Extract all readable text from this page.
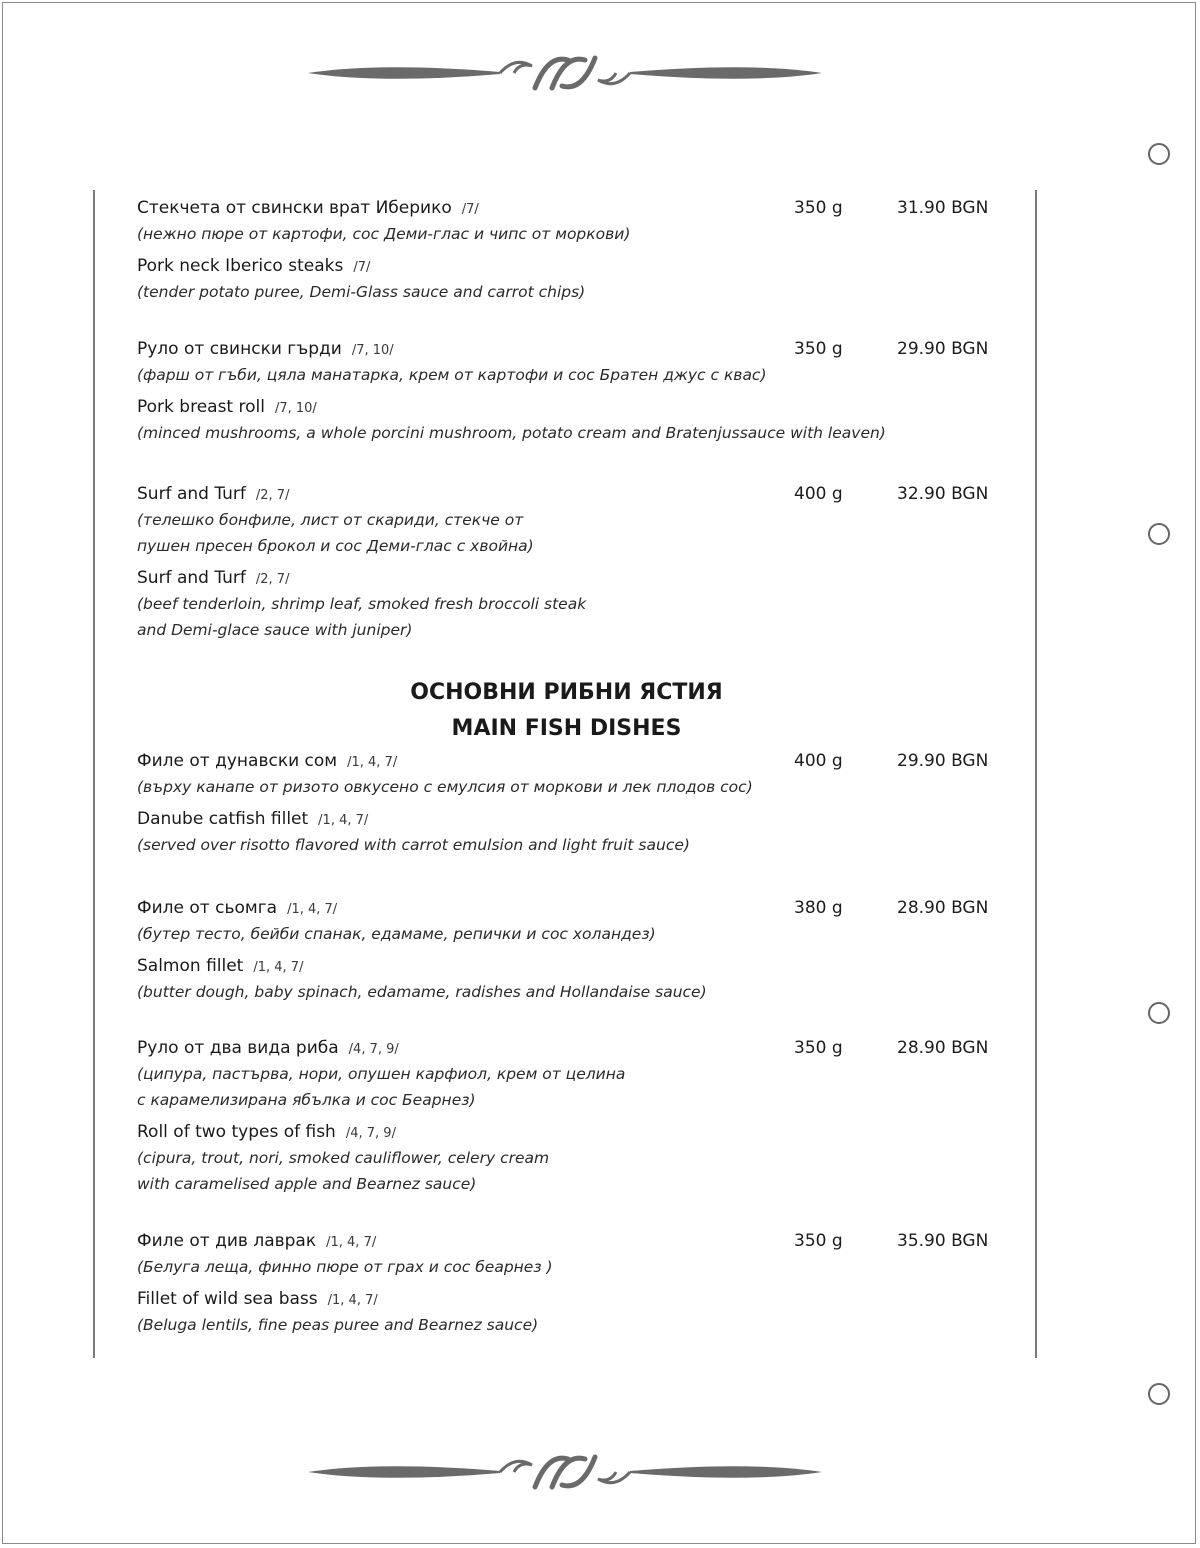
ОСНОВНИ РИБНИ ЯСТИЯ
MAIN FISH DISHES
Стекчета от свински врат Иберико /7/	350 g	31.90 BGN
(нежно пюре от картофи, сос Деми-глас и чипс от моркови)
Pork neck Iberico steaks /7/
(tender potato puree, Demi-Glass sauce and carrot chips)
Руло от свински гърди /7, 10/	350 g	29.90 BGN
(фарш от гъби, цяла манатарка, крем от картофи и сос Братен джус с квас)
Pork breast roll /7, 10/
(minced mushrooms, a whole porcini mushroom, potato cream and Bratenjussauce with leaven)
Surf and Turf /2, 7/	400 g	32.90 BGN
(телешко бонфиле, лист от скариди, стекче от
пушен пресен брокол и сос Деми-глас с хвойна)
Surf and Turf /2, 7/
(beef tenderloin, shrimp leaf, smoked fresh broccoli steak
and Demi-glace sauce with juniper)
Филе от дунавски сом /1, 4, 7/	400 g	29.90 BGN
(върху канапе от ризото овкусено с емулсия от моркови и лек плодов сос)
Danube catfish fillet /1, 4, 7/
(served over risotto flavored with carrot emulsion and light fruit sauce)
Филе от сьомга /1, 4, 7/	380 g	28.90 BGN
(бутер тесто, бейби спанак, едамаме, репички и сос холандез)
Salmon fillet /1, 4, 7/
(butter dough, baby spinach, edamame, radishes and Hollandaise sauce)
Руло от два вида риба /4, 7, 9/	350 g	28.90 BGN
(ципура, пастърва, нори, опушен карфиол, крем от целина
с карамелизирана ябълка и сос Беарнез)
Roll of two types of fish /4, 7, 9/
(cipura, trout, nori, smoked cauliflower, celery cream
with caramelised apple and Bearnez sauce)
Филе от див лаврак /1, 4, 7/	350 g	35.90 BGN
(Белуга леща, финно пюре от грах и сос беарнез )
Fillet of wild sea bass /1, 4, 7/
(Beluga lentils, fine peas puree and Bearnez sauce)
